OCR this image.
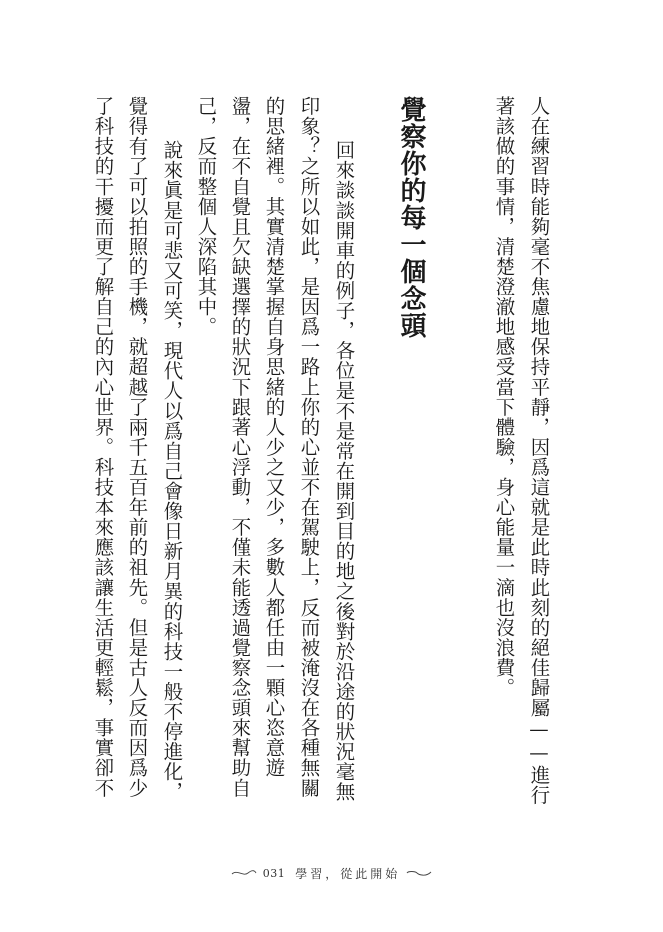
人在練習時能夠毫不焦慮地保持平靜，因爲這就是此時此刻的絕佳歸屬——進行

著該做的事情，清楚澄澈地感受當下體驗，身心能量一滴也沒浪費。

覺察你的每一個念頭

　回來談談開車的例子，各位是不是常在開到目的地之後對於沿途的狀況毫無

印象？之所以如此，是因爲一路上你的心並不在駕駛上，反而被淹沒在各種無關

的思緒裡。其實清楚掌握自身思緒的人少之又少，多數人都任由一顆心恣意遊

盪，在不自覺且欠缺選擇的狀況下跟著心浮動，不僅未能透過覺察念頭來幫助自

己，反而整個人深陷其中。

　說來眞是可悲又可笑，現代人以爲自己會像日新月異的科技一般不停進化，

覺得有了可以拍照的手機，就超越了兩千五百年前的祖先。但是古人反而因爲少

了科技的干擾而更了解自己的內心世界。科技本來應該讓生活更輕鬆，事實卻不

031 學習，從此開始
